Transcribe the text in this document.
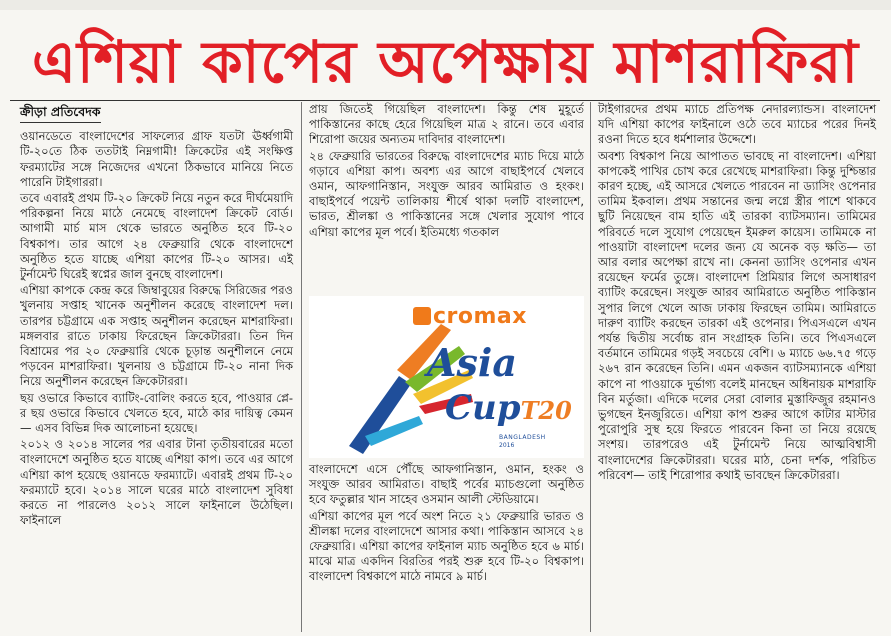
এশিয়া কাপের অপেক্ষায় মাশরাফিরা
ক্রীড়া প্রতিবেদক

ওয়ানডেতে বাংলাদেশের সাফল্যের গ্রাফ যতটা ঊর্ধ্বগামী টি-২০তে ঠিক ততটাই নিম্নগামী! ক্রিকেটের এই সংক্ষিপ্ত ফরম্যাটের সঙ্গে নিজেদের এখনো ঠিকভাবে মানিয়ে নিতে পারেনি টাইগাররা।

তবে এবারই প্রথম টি-২০ ক্রিকেট নিয়ে নতুন করে দীর্ঘমেয়াদি পরিকল্পনা নিয়ে মাঠে নেমেছে বাংলাদেশ ক্রিকেট বোর্ড। আগামী মার্চ মাস থেকে ভারতে অনুষ্ঠিত হবে টি-২০ বিশ্বকাপ। তার আগে ২৪ ফেব্রুয়ারি থেকে বাংলাদেশে অনুষ্ঠিত হতে যাচ্ছে এশিয়া কাপের টি-২০ আসর। এই টুর্নামেন্ট ঘিরেই স্বপ্নের জাল বুনছে বাংলাদেশ।

এশিয়া কাপকে কেন্দ্র করে জিম্বাবুয়ের বিরুদ্ধে সিরিজের পরও খুলনায় সপ্তাহ খানেক অনুশীলন করেছে বাংলাদেশ দল। তারপর চট্টগ্রামে এক সপ্তাহ অনুশীলন করেছেন মাশরাফিরা। মঙ্গলবার রাতে ঢাকায় ফিরেছেন ক্রিকেটাররা। তিন দিন বিশ্রামের পর ২০ ফেব্রুয়ারি থেকে চূড়ান্ত অনুশীলনে নেমে পড়বেন মাশরাফিরা। খুলনায় ও চট্টগ্রামে টি-২০ নানা দিক নিয়ে অনুশীলন করেছেন ক্রিকেটাররা।

ছয় ওভারে কিভাবে ব্যাটিং-বোলিং করতে হবে, পাওয়ার প্লে-র ছয় ওভারে কিভাবে খেলতে হবে, মাঠে কার দায়িত্ব কেমন— এসব বিভিন্ন দিক আলোচনা হয়েছে।

২০১২ ও ২০১৪ সালের পর এবার টানা তৃতীয়বারের মতো বাংলাদেশে অনুষ্ঠিত হতে যাচ্ছে এশিয়া কাপ। তবে এর আগে এশিয়া কাপ হয়েছে ওয়ানডে ফরম্যাটে। এবারই প্রথম টি-২০ ফরম্যাটে হবে। ২০১৪ সালে ঘরের মাঠে বাংলাদেশ সুবিধা করতে না পারলেও ২০১২ সালে ফাইনালে উঠেছিল। ফাইনালে

প্রায় জিতেই গিয়েছিল বাংলাদেশ। কিন্তু শেষ মুহূর্তে পাকিস্তানের কাছে হেরে গিয়েছিল মাত্র ২ রানে। তবে এবার শিরোপা জয়ের অন্যতম দাবিদার বাংলাদেশ।

২৪ ফেব্রুয়ারি ভারতের বিরুদ্ধে বাংলাদেশের ম্যাচ দিয়ে মাঠে গড়াবে এশিয়া কাপ। অবশ্য এর আগে বাছাইপর্বে খেলবে ওমান, আফগানিস্তান, সংযুক্ত আরব আমিরাত ও হংকং। বাছাইপর্বে পয়েন্ট তালিকায় শীর্ষে থাকা দলটি বাংলাদেশ, ভারত, শ্রীলঙ্কা ও পাকিস্তানের সঙ্গে খেলার সুযোগ পাবে এশিয়া কাপের মূল পর্বে। ইতিমধ্যে গতকাল

cromax
Asia
CupT20
BANGLADESH
2016

বাংলাদেশে এসে পৌঁছে আফগানিস্তান, ওমান, হংকং ও সংযুক্ত আরব আমিরাত। বাছাই পর্বের ম্যাচগুলো অনুষ্ঠিত হবে ফতুল্লার খান সাহেব ওসমান আলী স্টেডিয়ামে।

এশিয়া কাপের মূল পর্বে অংশ নিতে ২১ ফেব্রুয়ারি ভারত ও শ্রীলঙ্কা দলের বাংলাদেশে আসার কথা। পাকিস্তান আসবে ২৪ ফেব্রুয়ারি। এশিয়া কাপের ফাইনাল ম্যাচ অনুষ্ঠিত হবে ৬ মার্চ। মাঝে মাত্র একদিন বিরতির পরই শুরু হবে টি-২০ বিশ্বকাপ। বাংলাদেশ বিশ্বকাপে মাঠে নামবে ৯ মার্চ।

টাইগারদের প্রথম ম্যাচে প্রতিপক্ষ নেদারল্যান্ডস। বাংলাদেশ যদি এশিয়া কাপের ফাইনালে ওঠে তবে ম্যাচের পরের দিনই রওনা দিতে হবে ধর্মশালার উদ্দেশে।

অবশ্য বিশ্বকাপ নিয়ে আপাতত ভাবছে না বাংলাদেশ। এশিয়া কাপকেই পাখির চোখ করে রেখেছে মাশরাফিরা। কিন্তু দুশ্চিন্তার কারণ হচ্ছে, এই আসরে খেলতে পারবেন না ড্যাসিং ওপেনার তামিম ইকবাল। প্রথম সন্তানের জন্ম লগ্নে স্ত্রীর পাশে থাকবে ছুটি নিয়েছেন বাম হাতি এই তারকা ব্যাটসম্যান। তামিমের পরিবর্তে দলে সুযোগ পেয়েছেন ইমরুল কায়েস। তামিমকে না পাওয়াটা বাংলাদেশ দলের জন্য যে অনেক বড় ক্ষতি— তা আর বলার অপেক্ষা রাখে না। কেননা ড্যাসিং ওপেনার এখন রয়েছেন ফর্মের তুঙ্গে। বাংলাদেশ প্রিমিয়ার লিগে অসাধারণ ব্যাটিং করেছেন। সংযুক্ত আরব আমিরাতে অনুষ্ঠিত পাকিস্তান সুপার লিগে খেলে আজ ঢাকায় ফিরছেন তামিম। আমিরাতে দারুণ ব্যাটিং করছেন তারকা এই ওপেনার। পিএসএলে এখন পর্যন্ত দ্বিতীয় সর্বোচ্চ রান সংগ্রাহক তিনি। তবে পিএসএলে বর্তমানে তামিমের গড়ই সবচেয়ে বেশি। ৬ ম্যাচে ৬৬.৭৫ গড়ে ২৬৭ রান করেছেন তিনি। এমন একজন ব্যাটসম্যানকে এশিয়া কাপে না পাওয়াকে দুর্ভাগ্য বলেই মানছেন অধিনায়ক মাশরাফি বিন মর্তুজা। এদিকে দলের সেরা বোলার মুস্তাফিজুর রহমানও ভুগছেন ইনজুরিতে। এশিয়া কাপ শুরুর আগে কাটার মাস্টার পুরোপুরি সুস্থ হয়ে ফিরতে পারবেন কিনা তা নিয়ে রয়েছে সংশয়। তারপরেও এই টুর্নামেন্ট নিয়ে আত্মবিশ্বাসী বাংলাদেশের ক্রিকেটাররা। ঘরের মাঠ, চেনা দর্শক, পরিচিত পরিবেশ— তাই শিরোপার কথাই ভাবছেন ক্রিকেটাররা।
